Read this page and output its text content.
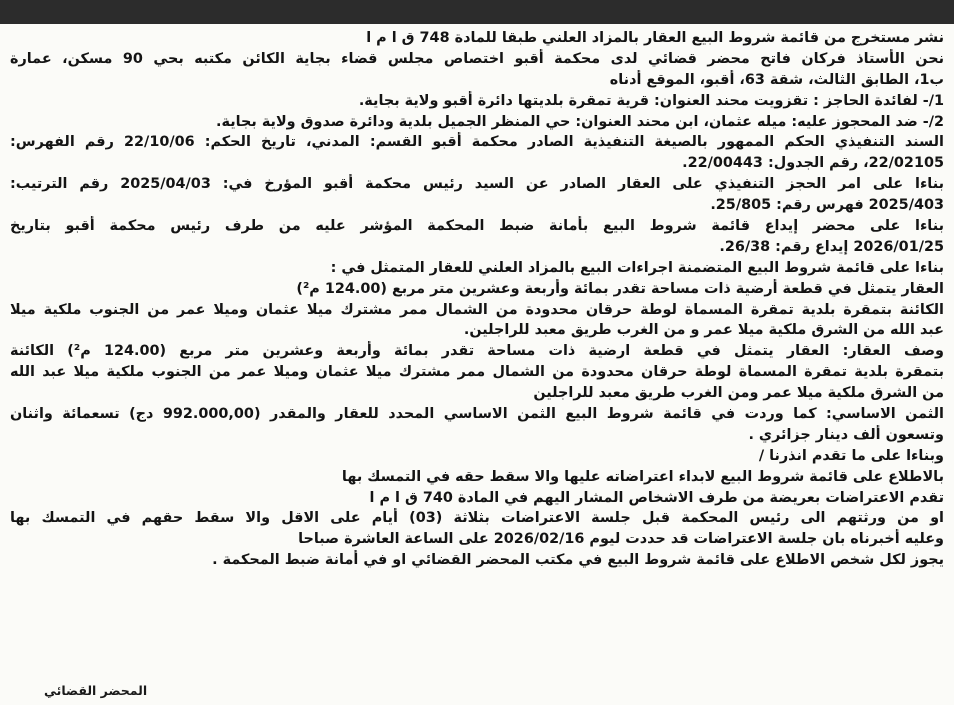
نشر مستخرج من قائمة شروط البيع العقار بالمزاد العلني طبقا للمادة 748 ق ا م ا
نحن الأستاذ فركان فاتح محضر قضائي لدى محكمة أقبو اختصاص مجلس قضاء بجاية الكائن مكتبه بحي 90 مسكن، عمارة
ب1، الطابق الثالث، شقة 63، أقبو، الموقع أدناه
1/- لفائدة الحاجز : تقزويت محند العنوان: قرية تمقرة بلديتها دائرة أقبو ولاية بجاية.
2/- ضد المحجوز عليه: ميله عثمان، ابن محند العنوان: حي المنظر الجميل بلدية ودائرة صدوق ولاية بجاية.
السند التنفيذي الحكم الممهور بالصيغة التنفيذية الصادر محكمة أقبو القسم: المدني، تاريخ الحكم: 22/10/06 رقم الفهرس:
22/02105، رقم الجدول: 22/00443.
بناءا على امر الحجز التنفيذي على العقار الصادر عن السيد رئيس محكمة أقبو المؤرخ في: 2025/04/03 رقم الترتيب:
2025/403 فهرس رقم: 25/805.
بناءا على محضر إيداع قائمة شروط البيع بأمانة ضبط المحكمة المؤشر عليه من طرف رئيس محكمة أقبو بتاريخ
2026/01/25 إيداع رقم: 26/38.
بناءا على قائمة شروط البيع المتضمنة اجراءات البيع بالمزاد العلني للعقار المتمثل في :
العقار يتمثل في قطعة أرضية ذات مساحة تقدر بمائة وأربعة وعشرين متر مربع (124.00 م²)
الكائنة بتمقرة بلدية تمقرة المسماة لوطة حرقان محدودة من الشمال ممر مشترك ميلا عثمان وميلا عمر من الجنوب ملكية ميلا
عبد الله من الشرق ملكية ميلا عمر و من الغرب طريق معبد للراجلين.
وصف العقار: العقار يتمثل في قطعة ارضية ذات مساحة تقدر بمائة وأربعة وعشرين متر مربع (124.00 م²) الكائنة
بتمقرة بلدية تمقرة المسماة لوطة حرقان محدودة من الشمال ممر مشترك ميلا عثمان وميلا عمر من الجنوب ملكية ميلا عبد الله
من الشرق ملكية ميلا عمر ومن الغرب طريق معبد للراجلين
الثمن الاساسي: كما وردت في قائمة شروط البيع الثمن الاساسي المحدد للعقار والمقدر (992.000,00 دج) تسعمائة واثنان
وتسعون ألف دينار جزائري .
وبناءا على ما تقدم انذرنا /
بالاطلاع على قائمة شروط البيع لابداء اعتراضاته عليها والا سقط حقه في التمسك بها
تقدم الاعتراضات بعريضة من طرف الاشخاص المشار اليهم في المادة 740 ق ا م ا
او من ورثتهم الى رئيس المحكمة قبل جلسة الاعتراضات بثلاثة (03) أيام على الاقل والا سقط حقهم في التمسك بها
وعليه أخبرناه بان جلسة الاعتراضات قد حددت ليوم 2026/02/16 على الساعة العاشرة صباحا
يجوز لكل شخص الاطلاع على قائمة شروط البيع في مكتب المحضر القضائي او في أمانة ضبط المحكمة .
المحضر القضائي
